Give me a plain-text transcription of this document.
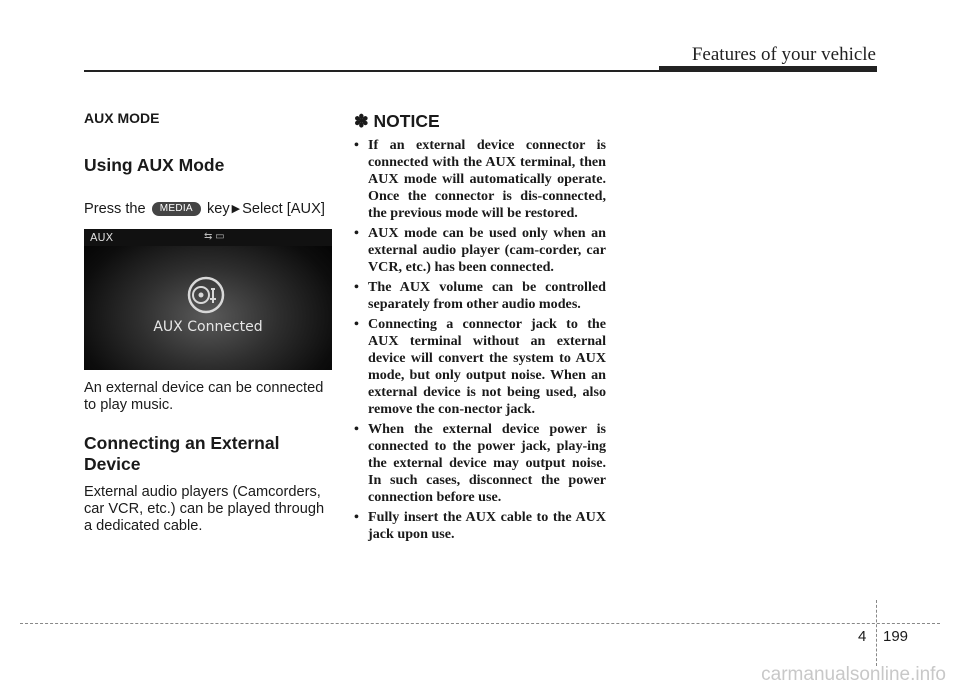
Features of your vehicle

AUX MODE

Using AUX Mode

Press the MEDIA key ▶ Select [AUX]
AUX	⇆ ▭
AUX Connected

An external device can be connected to play music.

Connecting an External Device

External audio players (Camcorders, car VCR, etc.) can be played through a dedicated cable.

✽ NOTICE
• If an external device connector is connected with the AUX terminal, then AUX mode will automatically operate. Once the connector is dis-connected, the previous mode will be restored.
• AUX mode can be used only when an external audio player (cam-corder, car VCR, etc.) has been connected.
• The AUX volume can be controlled separately from other audio modes.
• Connecting a connector jack to the AUX terminal without an external device will convert the system to AUX mode, but only output noise. When an external device is not being used, also remove the con-nector jack.
• When the external device power is connected to the power jack, play-ing the external device may output noise. In such cases, disconnect the power connection before use.
• Fully insert the AUX cable to the AUX jack upon use.
4 199
carmanualsonline.info
